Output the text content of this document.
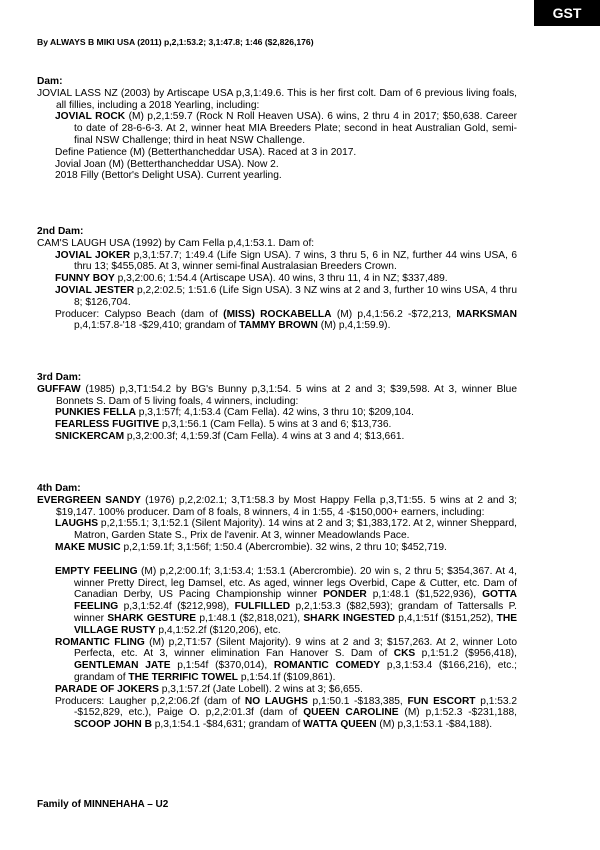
GST
By ALWAYS B MIKI USA (2011) p,2,1:53.2; 3,1:47.8; 1:46 ($2,826,176)
Dam:
JOVIAL LASS NZ (2003) by Artiscape USA p,3,1:49.6. This is her first colt. Dam of 6 previous living foals, all fillies, including a 2018 Yearling, including:
JOVIAL ROCK (M) p,2,1:59.7 (Rock N Roll Heaven USA). 6 wins, 2 thru 4 in 2017; $50,638. Career to date of 28-6-6-3. At 2, winner heat MIA Breeders Plate; second in heat Australian Gold, semi-final NSW Challenge; third in heat NSW Challenge.
Define Patience (M) (Betterthancheddar USA). Raced at 3 in 2017.
Jovial Joan (M) (Betterthancheddar USA). Now 2.
2018 Filly (Bettor's Delight USA). Current yearling.
2nd Dam:
CAM'S LAUGH USA (1992) by Cam Fella p,4,1:53.1. Dam of:
JOVIAL JOKER p,3,1:57.7; 1:49.4 (Life Sign USA). 7 wins, 3 thru 5, 6 in NZ, further 44 wins USA, 6 thru 13; $455,085. At 3, winner semi-final Australasian Breeders Crown.
FUNNY BOY p,3,2:00.6; 1:54.4 (Artiscape USA). 40 wins, 3 thru 11, 4 in NZ; $337,489.
JOVIAL JESTER p,2,2:02.5; 1:51.6 (Life Sign USA). 3 NZ wins at 2 and 3, further 10 wins USA, 4 thru 8; $126,704.
Producer: Calypso Beach (dam of (MISS) ROCKABELLA (M) p,4,1:56.2 -$72,213, MARKSMAN p,4,1:57.8-'18 -$29,410; grandam of TAMMY BROWN (M) p,4,1:59.9).
3rd Dam:
GUFFAW (1985) p,3,T1:54.2 by BG's Bunny p,3,1:54. 5 wins at 2 and 3; $39,598. At 3, winner Blue Bonnets S. Dam of 5 living foals, 4 winners, including:
PUNKIES FELLA p,3,1:57f; 4,1:53.4 (Cam Fella). 42 wins, 3 thru 10; $209,104.
FEARLESS FUGITIVE p,3,1:56.1 (Cam Fella). 5 wins at 3 and 6; $13,736.
SNICKERCAM p,3,2:00.3f; 4,1:59.3f (Cam Fella). 4 wins at 3 and 4; $13,661.
4th Dam:
EVERGREEN SANDY (1976) p,2,2:02.1; 3,T1:58.3 by Most Happy Fella p,3,T1:55. 5 wins at 2 and 3; $19,147. 100% producer. Dam of 8 foals, 8 winners, 4 in 1:55, 4 -$150,000+ earners, including:
LAUGHS p,2,1:55.1; 3,1:52.1 (Silent Majority). 14 wins at 2 and 3; $1,383,172. At 2, winner Sheppard, Matron, Garden State S., Prix de l'avenir. At 3, winner Meadowlands Pace.
MAKE MUSIC p,2,1:59.1f; 3,1:56f; 1:50.4 (Abercrombie). 32 wins, 2 thru 10; $452,719.
EMPTY FEELING (M) p,2,2:00.1f; 3,1:53.4; 1:53.1 (Abercrombie). 20 win s, 2 thru 5; $354,367. At 4, winner Pretty Direct, leg Damsel, etc. As aged, winner legs Overbid, Cape & Cutter, etc. Dam of Canadian Derby, US Pacing Championship winner PONDER p,1:48.1 ($1,522,936), GOTTA FEELING p,3,1:52.4f ($212,998), FULFILLED p,2,1:53.3 ($82,593); grandam of Tattersalls P. winner SHARK GESTURE p,1:48.1 ($2,818,021), SHARK INGESTED p,4,1:51f ($151,252), THE VILLAGE RUSTY p,4,1:52.2f ($120,206), etc.
ROMANTIC FLING (M) p,2,T1:57 (Silent Majority). 9 wins at 2 and 3; $157,263. At 2, winner Loto Perfecta, etc. At 3, winner elimination Fan Hanover S. Dam of CKS p,1:51.2 ($956,418), GENTLEMAN JATE p,1:54f ($370,014), ROMANTIC COMEDY p,3,1:53.4 ($166,216), etc.; grandam of THE TERRIFIC TOWEL p,1:54.1f ($109,861).
PARADE OF JOKERS p,3,1:57.2f (Jate Lobell). 2 wins at 3; $6,655.
Producers: Laugher p,2,2:06.2f (dam of NO LAUGHS p,1:50.1 -$183,385, FUN ESCORT p,1:53.2 -$152,829, etc.), Paige O. p,2,2:01.3f (dam of QUEEN CAROLINE (M) p,1:52.3 -$231,188, SCOOP JOHN B p,3,1:54.1 -$84,631; grandam of WATTA QUEEN (M) p,3,1:53.1 -$84,188).
Family of MINNEHAHA – U2
